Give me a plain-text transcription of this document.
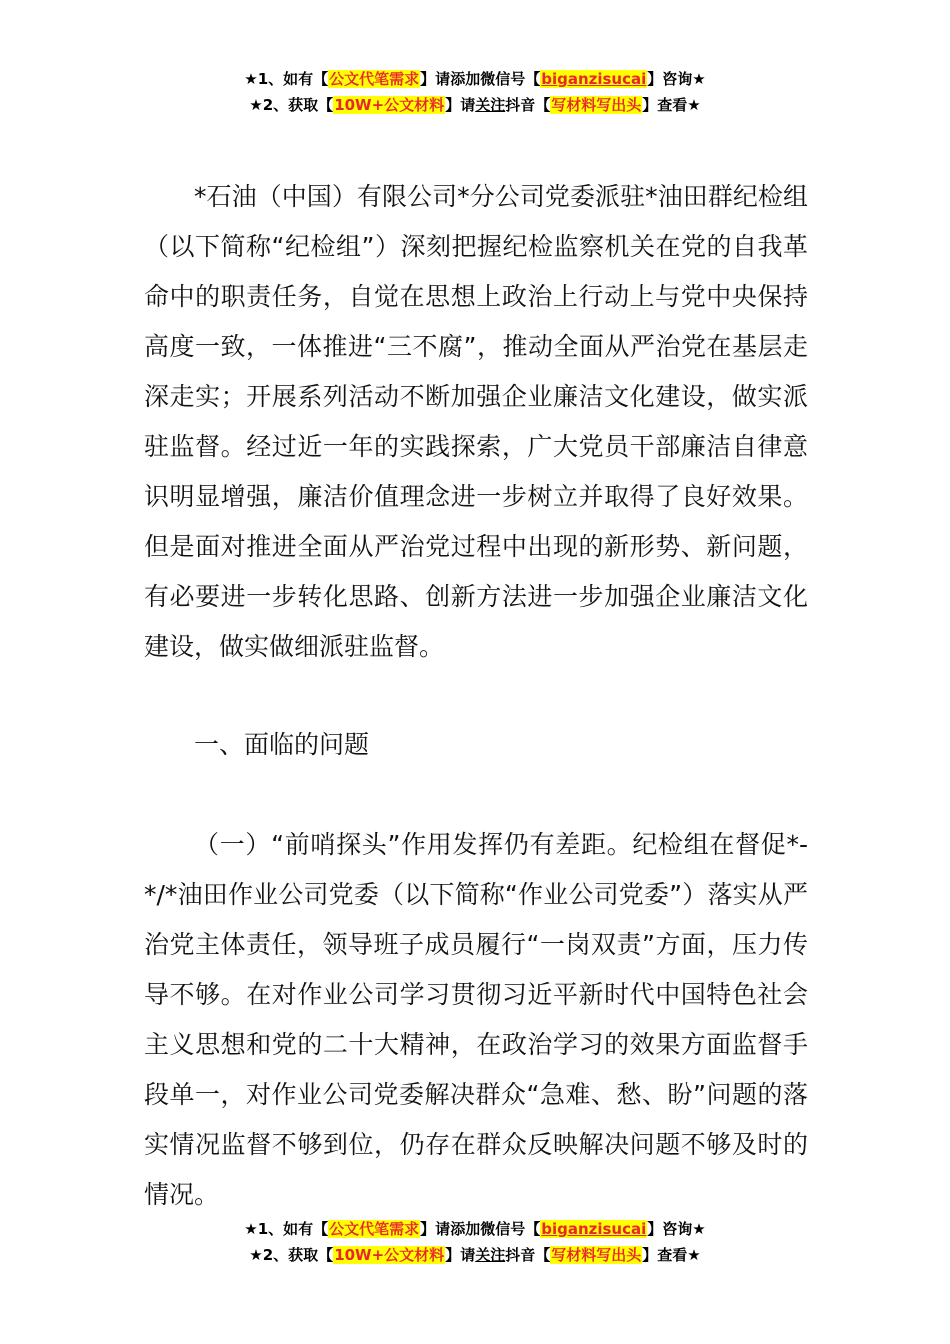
★1、如有【公文代笔需求】请添加微信号【biganzisucai】咨询★
★2、获取【10W+公文材料】请关注抖音【写材料写出头】查看★

*石油（中国）有限公司*分公司党委派驻*油田群纪检组（以下简称“纪检组”）深刻把握纪检监察机关在党的自我革命中的职责任务，自觉在思想上政治上行动上与党中央保持高度一致，一体推进“三不腐”，推动全面从严治党在基层走深走实；开展系列活动不断加强企业廉洁文化建设，做实派驻监督。经过近一年的实践探索，广大党员干部廉洁自律意识明显增强，廉洁价值理念进一步树立并取得了良好效果。但是面对推进全面从严治党过程中出现的新形势、新问题，有必要进一步转化思路、创新方法进一步加强企业廉洁文化建设，做实做细派驻监督。

一、面临的问题

（一）“前哨探头”作用发挥仍有差距。纪检组在督促*-*/*油田作业公司党委（以下简称“作业公司党委”）落实从严治党主体责任，领导班子成员履行“一岗双责”方面，压力传导不够。在对作业公司学习贯彻习近平新时代中国特色社会主义思想和党的二十大精神，在政治学习的效果方面监督手段单一，对作业公司党委解决群众“急难、愁、盼”问题的落实情况监督不够到位，仍存在群众反映解决问题不够及时的情况。

★1、如有【公文代笔需求】请添加微信号【biganzisucai】咨询★
★2、获取【10W+公文材料】请关注抖音【写材料写出头】查看★
